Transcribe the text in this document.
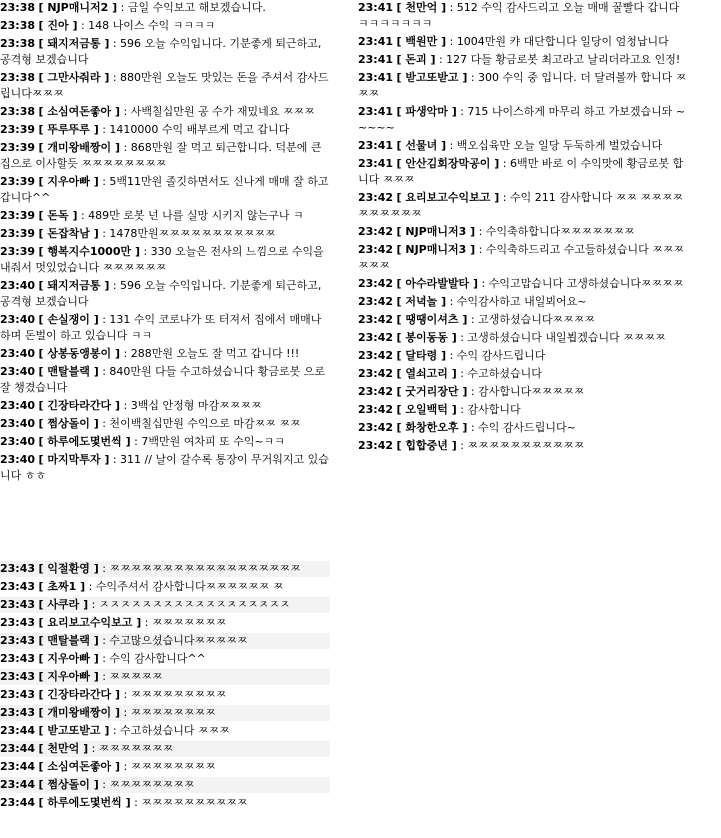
23:38 [ NJP매니저2 ] : 금일 수익보고 해보겠습니다.

23:38 [ 진아 ] : 148 나이스 수익 ㅋㅋㅋㅋ

23:38 [ 돼지저금통 ] : 596 오늘 수익입니다. 기분좋게 퇴근하고, 공격형 보겠습니다

23:38 [ 그만사줘라 ] : 880만원 오늘도 맛있는 돈을 주셔서 감사드립니다ㅉㅉㅉ

23:38 [ 소심여돈좋아 ] : 사백칠십만원 공 수가 재밌네요 ㅉㅉㅉ

23:39 [ 뚜루뚜루 ] : 1410000 수익 배부르게 먹고 갑니다

23:39 [ 개미왕배짱이 ] : 868만원 잘 먹고 퇴근합니다. 덕분에 큰 집으로 이사할듯 ㅉㅉㅉㅉㅉㅉㅉㅉ

23:39 [ 지우아빠 ] : 5백11만원 졸깃하면서도 신나게 매매 잘 하고 갑니다^^

23:39 [ 돈독 ] : 489만 로봇 넌 나를 실망 시키지 않는구나 ㅋ

23:39 [ 돈잡착남 ] : 1478만원ㅉㅉㅉㅉㅉㅉㅉㅉㅉㅉㅉ

23:39 [ 행복지수1000만 ] : 330 오늘은 전사의 느낌으로 수익을 내줘서 멋있었습니다 ㅉㅉㅉㅉㅉㅉ

23:40 [ 돼지저금통 ] : 596 오늘 수익입니다. 기분좋게 퇴근하고, 공격형 보겠습니다

23:40 [ 손실쟁이 ] : 131 수익 코로나가 또 터져서 집에서 매매나 하며 돈벌이 하고 있습니다 ㅋㅋ

23:40 [ 상봉동앵봉이 ] : 288만원 오늘도 잘 먹고 갑니다 !!!

23:40 [ 맨탈블랙 ] : 840만원 다들 수고하셨습니다 황금로봇 으로 잘 챙겼습니다

23:40 [ 긴장타라간다 ] : 3백십 안정형 마감ㅉㅉㅉㅉ

23:40 [ 쩜상돌이 ] : 천이백칠십만원 수익으로 마감ㅉㅉ ㅉㅉ

23:40 [ 하루에도몇번씩 ] : 7백만원 여차피 또 수익~ㅋㅋ

23:40 [ 마지막투자 ] : 311 // 날이 갈수록 통장이 무거워지고 있습니다 ㅎㅎ

23:41 [ 천만억 ] : 512 수익 감사드리고 오늘 매매 꿀빨다 갑니다 ㅋㅋㅋㅋㅋㅋㅋ

23:41 [ 백원만 ] : 1004만원 캬 대단합니다 일당이 엄청납니다

23:41 [ 돈괴 ] : 127 다들 황금로봇 최고라고 날리더라고요 인정!

23:41 [ 받고또받고 ] : 300 수익 중 입니다. 더 달려볼까 합니다 ㅉㅉㅉ

23:41 [ 파생악마 ] : 715 나이스하게 마무리 하고 가보겠습니돠 ~~~~~

23:41 [ 선물녀 ] : 백오십육만 오늘 일당 두둑하게 벌었습니다

23:41 [ 안산김회장막공이 ] : 6백만 바로 이 수익맛에 황금로봇 합니다 ㅉㅉㅉ

23:42 [ 요리보고수익보고 ] : 수익 211 감사합니다 ㅉㅉ ㅉㅉㅉㅉㅉㅉㅉㅉㅉㅉ

23:42 [ NJP매니저3 ] : 수익축하합니다ㅉㅉㅉㅉㅉㅉㅉ

23:42 [ NJP매니저3 ] : 수익축하드리고 수고들하셨습니다 ㅉㅉㅉㅉㅉㅉ

23:42 [ 아수라발발타 ] : 수익고맙습니다 고생하셨습니다ㅉㅉㅉㅉ

23:42 [ 저녁놀 ] : 수익감사하고 내일뵈어요~

23:42 [ 땡땡이셔츠 ] : 고생하셨습니다ㅉㅉㅉㅉ

23:42 [ 봉이동동 ] : 고생하셨습니다 내일뵙겠습니다 ㅉㅉㅉㅉ

23:42 [ 달타령 ] : 수익 감사드립니다

23:42 [ 열쇠고리 ] : 수고하셨습니다

23:42 [ 굿거리장단 ] : 감사합니다ㅉㅉㅉㅉㅉ

23:42 [ 오일백턱 ] : 감사합니다

23:42 [ 화창한오후 ] : 수익 감사드립니다~

23:42 [ 힙합중년 ] : ㅉㅉㅉㅉㅉㅉㅉㅉㅉㅉㅉ

23:43 [ 익절환영 ] : ㅉㅉㅉㅉㅉㅉㅉㅉㅉㅉㅉㅉㅉㅉㅉㅉㅉㅉ

23:43 [ 초짜1 ] : 수익주셔서 감사합니다ㅉㅉㅉㅉㅉㅉ ㅉ

23:43 [ 사쿠라 ] : ㅈㅈㅈㅈㅈㅈㅈㅈㅈㅈㅈㅈㅈㅈㅈㅈㅈㅈ

23:43 [ 요리보고수익보고 ] : ㅉㅉㅉㅉㅉㅉㅉ

23:43 [ 맨탈블랙 ] : 수고많으셨습니다ㅉㅉㅉㅉㅉ

23:43 [ 지우아빠 ] : 수익 감사합니다^^

23:43 [ 지우아빠 ] : ㅉㅉㅉㅉㅉ

23:43 [ 긴장타라간다 ] : ㅉㅉㅉㅉㅉㅉㅉㅉㅉ

23:43 [ 개미왕배짱이 ] : ㅉㅉㅉㅉㅉㅉㅉㅉ

23:44 [ 받고또받고 ] : 수고하셨습니다 ㅉㅉㅉ

23:44 [ 천만억 ] : ㅉㅉㅉㅉㅉㅉㅉ

23:44 [ 소심여돈좋아 ] : ㅉㅉㅉㅉㅉㅉㅉㅉ

23:44 [ 쩜상돌이 ] : ㅉㅉㅉㅉㅉㅉㅉㅉ

23:44 [ 하루에도몇번씩 ] : ㅉㅉㅉㅉㅉㅉㅉㅉㅉㅉ
